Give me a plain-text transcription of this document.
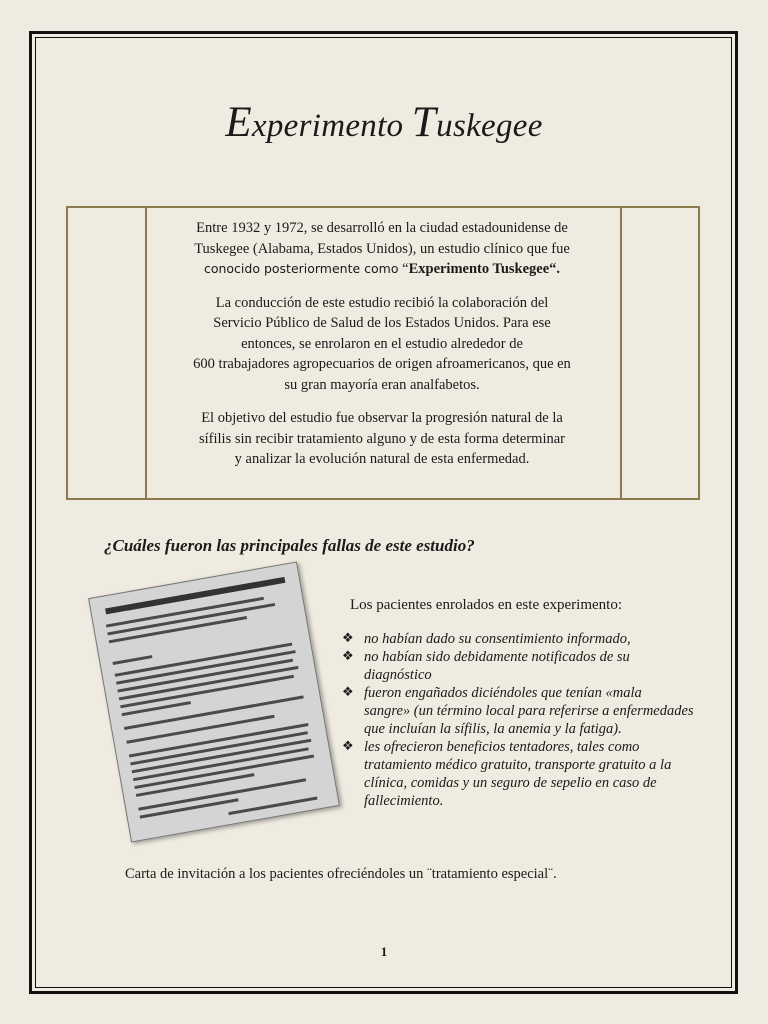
Experimento Tuskegee

Entre 1932 y 1972, se desarrolló en la ciudad estadounidense de
Tuskegee (Alabama, Estados Unidos), un estudio clínico que fue
conocido posteriormente como “Experimento Tuskegee“.

La conducción de este estudio recibió la colaboración del
Servicio Público de Salud de los Estados Unidos. Para ese
entonces, se enrolaron en el estudio alrededor de
600 trabajadores agropecuarios de origen afroamericanos, que en
su gran mayoría eran analfabetos.

El objetivo del estudio fue observar la progresión natural de la
sífilis sin recibir tratamiento alguno y de esta forma determinar
y analizar la evolución natural de esta enfermedad.

¿Cuáles fueron las principales fallas de este estudio?

Los pacientes enrolados en este experimento:

❖ no habían dado su consentimiento informado,
❖ no habían sido debidamente notificados de su
diagnóstico
❖ fueron engañados diciéndoles que tenían «mala
sangre» (un término local para referirse a enfermedades
que incluían la sífilis, la anemia y la fatiga).
❖ les ofrecieron beneficios tentadores, tales como
tratamiento médico gratuito, transporte gratuito a la
clínica, comidas y un seguro de sepelio en caso de
fallecimiento.

Carta de invitación a los pacientes ofreciéndoles un ¨tratamiento especial¨.

1
